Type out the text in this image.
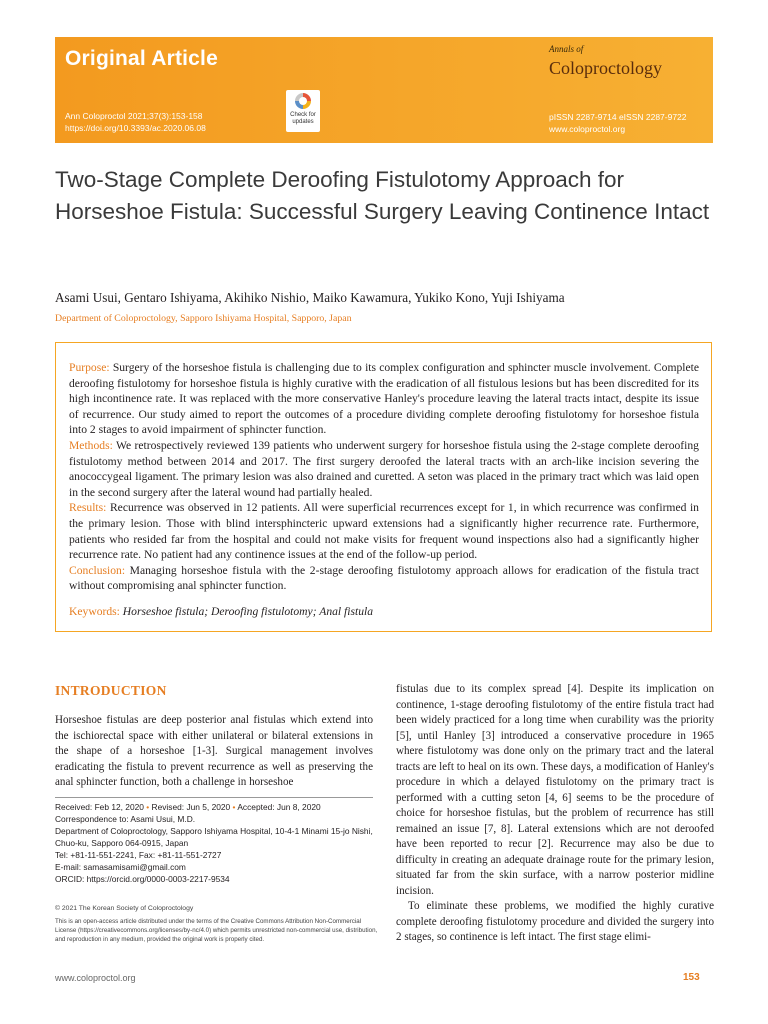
Original Article
Ann Coloproctol 2021;37(3):153-158
https://doi.org/10.3393/ac.2020.06.08
Check for updates
Annals of
Coloproctology
pISSN 2287-9714 eISSN 2287-9722
www.coloproctol.org
Two-Stage Complete Deroofing Fistulotomy Approach for Horseshoe Fistula: Successful Surgery Leaving Continence Intact
Asami Usui, Gentaro Ishiyama, Akihiko Nishio, Maiko Kawamura, Yukiko Kono, Yuji Ishiyama
Department of Coloproctology, Sapporo Ishiyama Hospital, Sapporo, Japan

Purpose: Surgery of the horseshoe fistula is challenging due to its complex configuration and sphincter muscle involvement. Complete deroofing fistulotomy for horseshoe fistula is highly curative with the eradication of all fistulous lesions but has been discredited for its high incontinence rate. It was replaced with the more conservative Hanley's procedure leaving the lateral tracts intact, despite its issue of recurrence. Our study aimed to report the outcomes of a procedure dividing complete deroofing fistulotomy for horseshoe fistula into 2 stages to avoid impairment of sphincter function.

Methods: We retrospectively reviewed 139 patients who underwent surgery for horseshoe fistula using the 2-stage complete deroofing fistulotomy method between 2014 and 2017. The first surgery deroofed the lateral tracts with an arch-like incision severing the anococcygeal ligament. The primary lesion was also drained and curetted. A seton was placed in the primary tract which was laid open in the second surgery after the lateral wound had partially healed.

Results: Recurrence was observed in 12 patients. All were superficial recurrences except for 1, in which recurrence was confirmed in the primary lesion. Those with blind intersphincteric upward extensions had a significantly higher recurrence rate. Furthermore, patients who resided far from the hospital and could not make visits for frequent wound inspections also had a significantly higher recurrence rate. No patient had any continence issues at the end of the follow-up period.

Conclusion: Managing horseshoe fistula with the 2-stage deroofing fistulotomy approach allows for eradication of the fistula tract without compromising anal sphincter function.

Keywords: Horseshoe fistula; Deroofing fistulotomy; Anal fistula
INTRODUCTION

Horseshoe fistulas are deep posterior anal fistulas which extend into the ischiorectal space with either unilateral or bilateral extensions in the shape of a horseshoe [1-3]. Surgical management involves eradicating the fistula to prevent recurrence as well as preserving the anal sphincter function, both a challenge in horseshoe

fistulas due to its complex spread [4]. Despite its implication on continence, 1-stage deroofing fistulotomy of the entire fistula tract had been widely practiced for a long time when curability was the priority [5], until Hanley [3] introduced a conservative procedure in 1965 where fistulotomy was done only on the primary tract and the lateral tracts are left to heal on its own. These days, a modification of Hanley's procedure in which a delayed fistulotomy on the primary tract is performed with a cutting seton [4, 6] seems to be the procedure of choice for horseshoe fistulas, but the problem of recurrence has still remained an issue [7, 8]. Lateral extensions which are not deroofed have been reported to recur [2]. Recurrence may also be due to difficulty in creating an adequate drainage route for the primary lesion, situated far from the skin surface, with a narrow posterior midline incision.

To eliminate these problems, we modified the highly curative complete deroofing fistulotomy procedure and divided the surgery into 2 stages, so continence is left intact. The first stage elimi-

Received: Feb 12, 2020 • Revised: Jun 5, 2020 • Accepted: Jun 8, 2020
Correspondence to: Asami Usui, M.D.
Department of Coloproctology, Sapporo Ishiyama Hospital, 10-4-1 Minami 15-jo Nishi, Chuo-ku, Sapporo 064-0915, Japan
Tel: +81-11-551-2241, Fax: +81-11-551-2727
E-mail: samasamisami@gmail.com
ORCID: https://orcid.org/0000-0003-2217-9534
© 2021 The Korean Society of Coloproctology
This is an open-access article distributed under the terms of the Creative Commons Attribution Non-Commercial License (https://creativecommons.org/licenses/by-nc/4.0) which permits unrestricted non-commercial use, distribution, and reproduction in any medium, provided the original work is properly cited.
www.coloproctol.org	153
